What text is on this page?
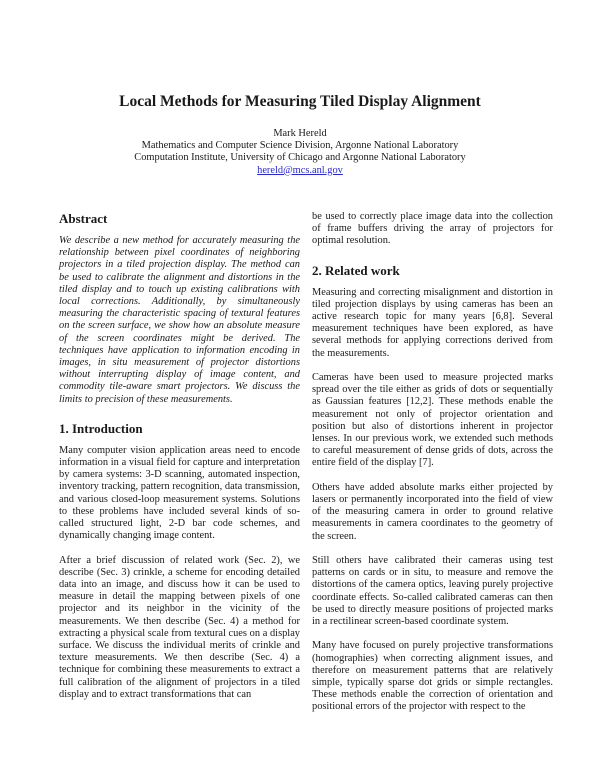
Local Methods for Measuring Tiled Display Alignment
Mark Hereld
Mathematics and Computer Science Division, Argonne National Laboratory
Computation Institute, University of Chicago and Argonne National Laboratory
hereld@mcs.anl.gov
Abstract

We describe a new method for accurately measuring the relationship between pixel coordinates of neighboring projectors in a tiled projection display. The method can be used to calibrate the alignment and distortions in the tiled display and to touch up existing calibrations with local corrections. Additionally, by simultaneously measuring the characteristic spacing of textural features on the screen surface, we show how an absolute measure of the screen coordinates might be derived. The techniques have application to information encoding in images, in situ measurement of projector distortions without interrupting display of image content, and commodity tile-aware smart projectors. We discuss the limits to precision of these measurements.

1. Introduction

Many computer vision application areas need to encode information in a visual field for capture and interpretation by camera systems: 3-D scanning, automated inspection, inventory tracking, pattern recognition, data transmission, and various closed-loop measurement systems. Solutions to these problems have included several kinds of so-called structured light, 2-D bar code schemes, and dynamically changing image content.

After a brief discussion of related work (Sec. 2), we describe (Sec. 3) crinkle, a scheme for encoding detailed data into an image, and discuss how it can be used to measure in detail the mapping between pixels of one projector and its neighbor in the vicinity of the measurements. We then describe (Sec. 4) a method for extracting a physical scale from textural cues on a display surface. We discuss the individual merits of crinkle and texture measurements. We then describe (Sec. 4) a technique for combining these measurements to extract a full calibration of the alignment of projectors in a tiled display and to extract transformations that can

be used to correctly place image data into the collection of frame buffers driving the array of projectors for optimal resolution.

2. Related work

Measuring and correcting misalignment and distortion in tiled projection displays by using cameras has been an active research topic for many years [6,8]. Several measurement techniques have been explored, as have several methods for applying corrections derived from the measurements.

Cameras have been used to measure projected marks spread over the tile either as grids of dots or sequentially as Gaussian features [12,2]. These methods enable the measurement not only of projector orientation and position but also of distortions inherent in projector lenses. In our previous work, we extended such methods to careful measurement of dense grids of dots, across the entire field of the display [7].

Others have added absolute marks either projected by lasers or permanently incorporated into the field of view of the measuring camera in order to ground relative measurements in camera coordinates to the geometry of the screen.

Still others have calibrated their cameras using test patterns on cards or in situ, to measure and remove the distortions of the camera optics, leaving purely projective coordinate effects. So-called calibrated cameras can then be used to directly measure positions of projected marks in a rectilinear screen-based coordinate system.

Many have focused on purely projective transformations (homographies) when correcting alignment issues, and therefore on measurement patterns that are relatively simple, typically sparse dot grids or simple rectangles. These methods enable the correction of orientation and positional errors of the projector with respect to the
